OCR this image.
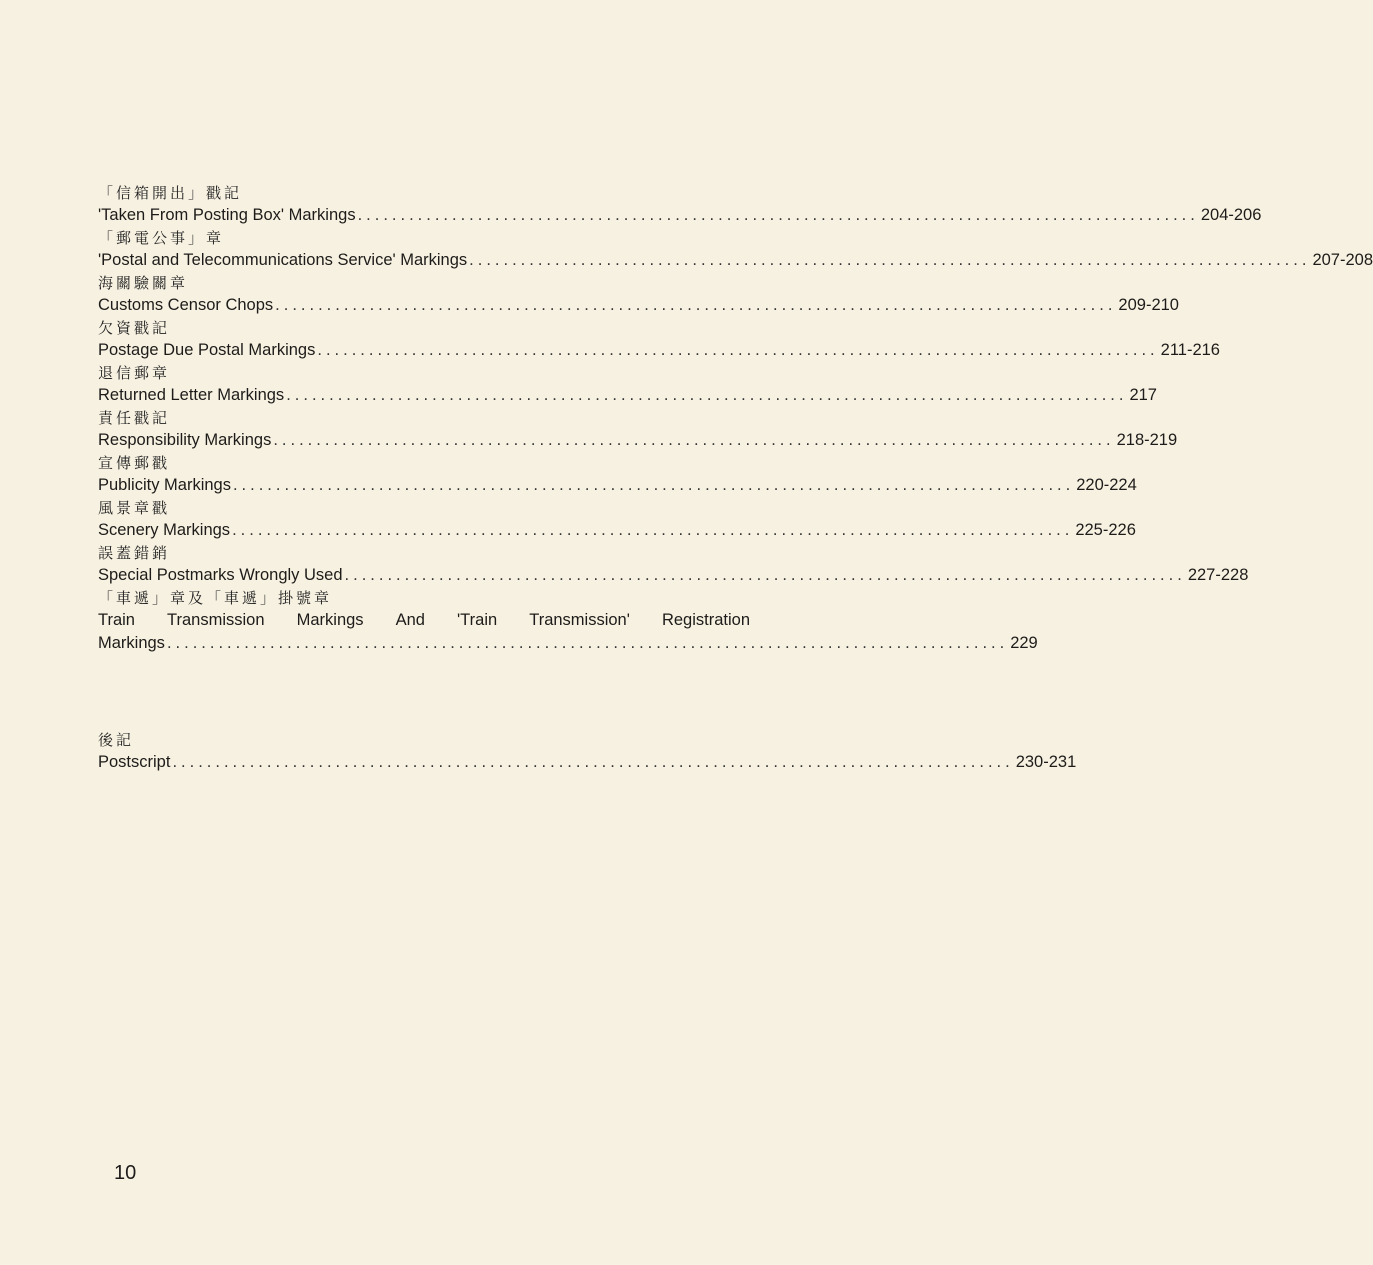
「信箱開出」戳記
'Taken From Posting Box' Markings .................................................................................................. 204-206
「郵電公事」章
'Postal and Telecommunications Service' Markings .................................................................................................. 207-208
海關驗關章
Customs Censor Chops .................................................................................................. 209-210
欠資戳記
Postage Due Postal Markings .................................................................................................. 211-216
退信郵章
Returned Letter Markings .................................................................................................. 217
責任戳記
Responsibility Markings .................................................................................................. 218-219
宣傳郵戳
Publicity Markings .................................................................................................. 220-224
風景章戳
Scenery Markings .................................................................................................. 225-226
誤蓋錯銷
Special Postmarks Wrongly Used .................................................................................................. 227-228
「車遞」章及「車遞」掛號章
Train Transmission Markings And 'Train Transmission' Registration
Markings .................................................................................................. 229
後記
Postscript .................................................................................................. 230-231
10
